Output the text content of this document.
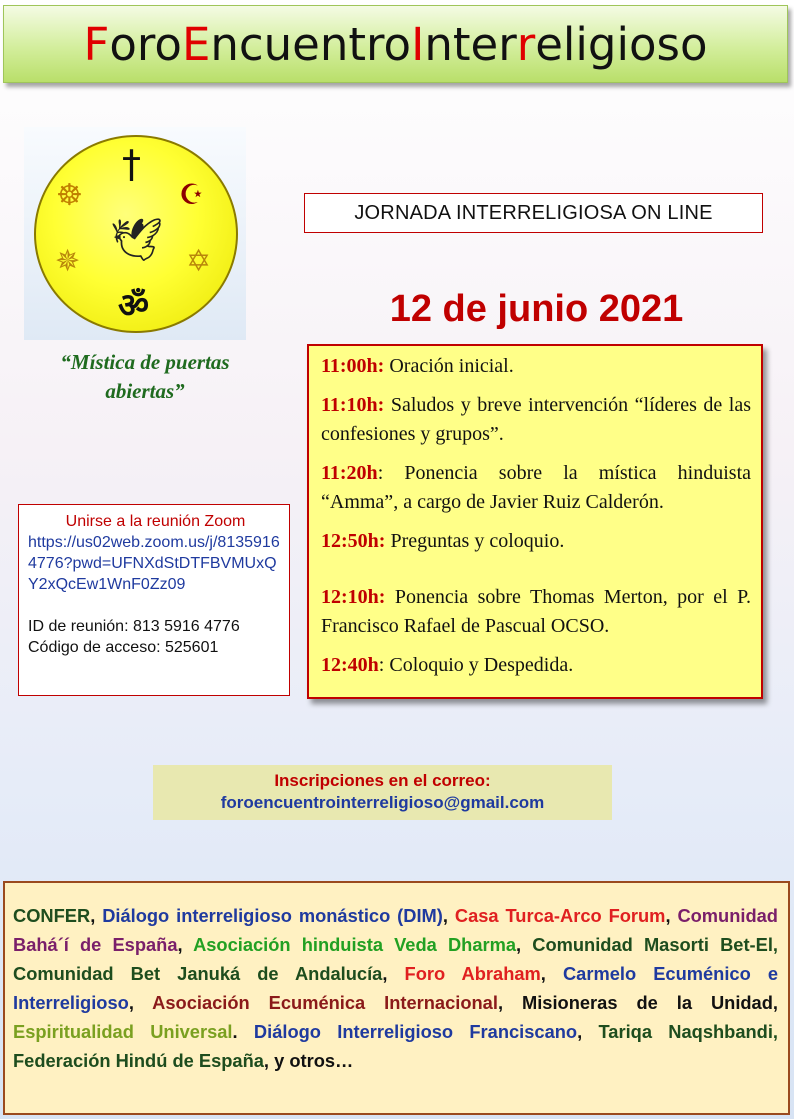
F oro E ncuentro I nter r eligioso
†
☸	☪
🕊
✵	✡
ॐ
“Mística de puertas abiertas”
JORNADA INTERRELIGIOSA ON LINE
12 de junio 2021
11:00h: Oración inicial.
11:10h: Saludos y breve intervención “líderes de las confesiones y grupos”.
11:20h: Ponencia sobre la mística hinduista “Amma”, a cargo de Javier Ruiz Calderón.
12:50h: Preguntas y coloquio.
12:10h: Ponencia sobre Thomas Merton, por el P. Francisco Rafael de Pascual OCSO.
12:40h: Coloquio y Despedida.
Unirse a la reunión Zoom
https://us02web.zoom.us/j/81359164776?pwd=UFNXdStDTFBVMUxQY2xQcEw1WnF0Zz09
ID de reunión: 813 5916 4776
Código de acceso: 525601
Inscripciones en el correo:
foroencuentrointerreligioso@gmail.com
CONFER, Diálogo interreligioso monástico (DIM), Casa Turca-Arco Forum, Comunidad Bahá´í de España, Asociación hinduista Veda Dharma, Comunidad Masorti Bet-El, Comunidad Bet Januká de Andalucía, Foro Abraham, Carmelo Ecuménico e Interreligioso, Asociación Ecuménica Internacional, Misioneras de la Unidad, Espiritualidad Universal. Diálogo Interreligioso Franciscano, Tariqa Naqshbandi, Federación Hindú de España, y otros…
